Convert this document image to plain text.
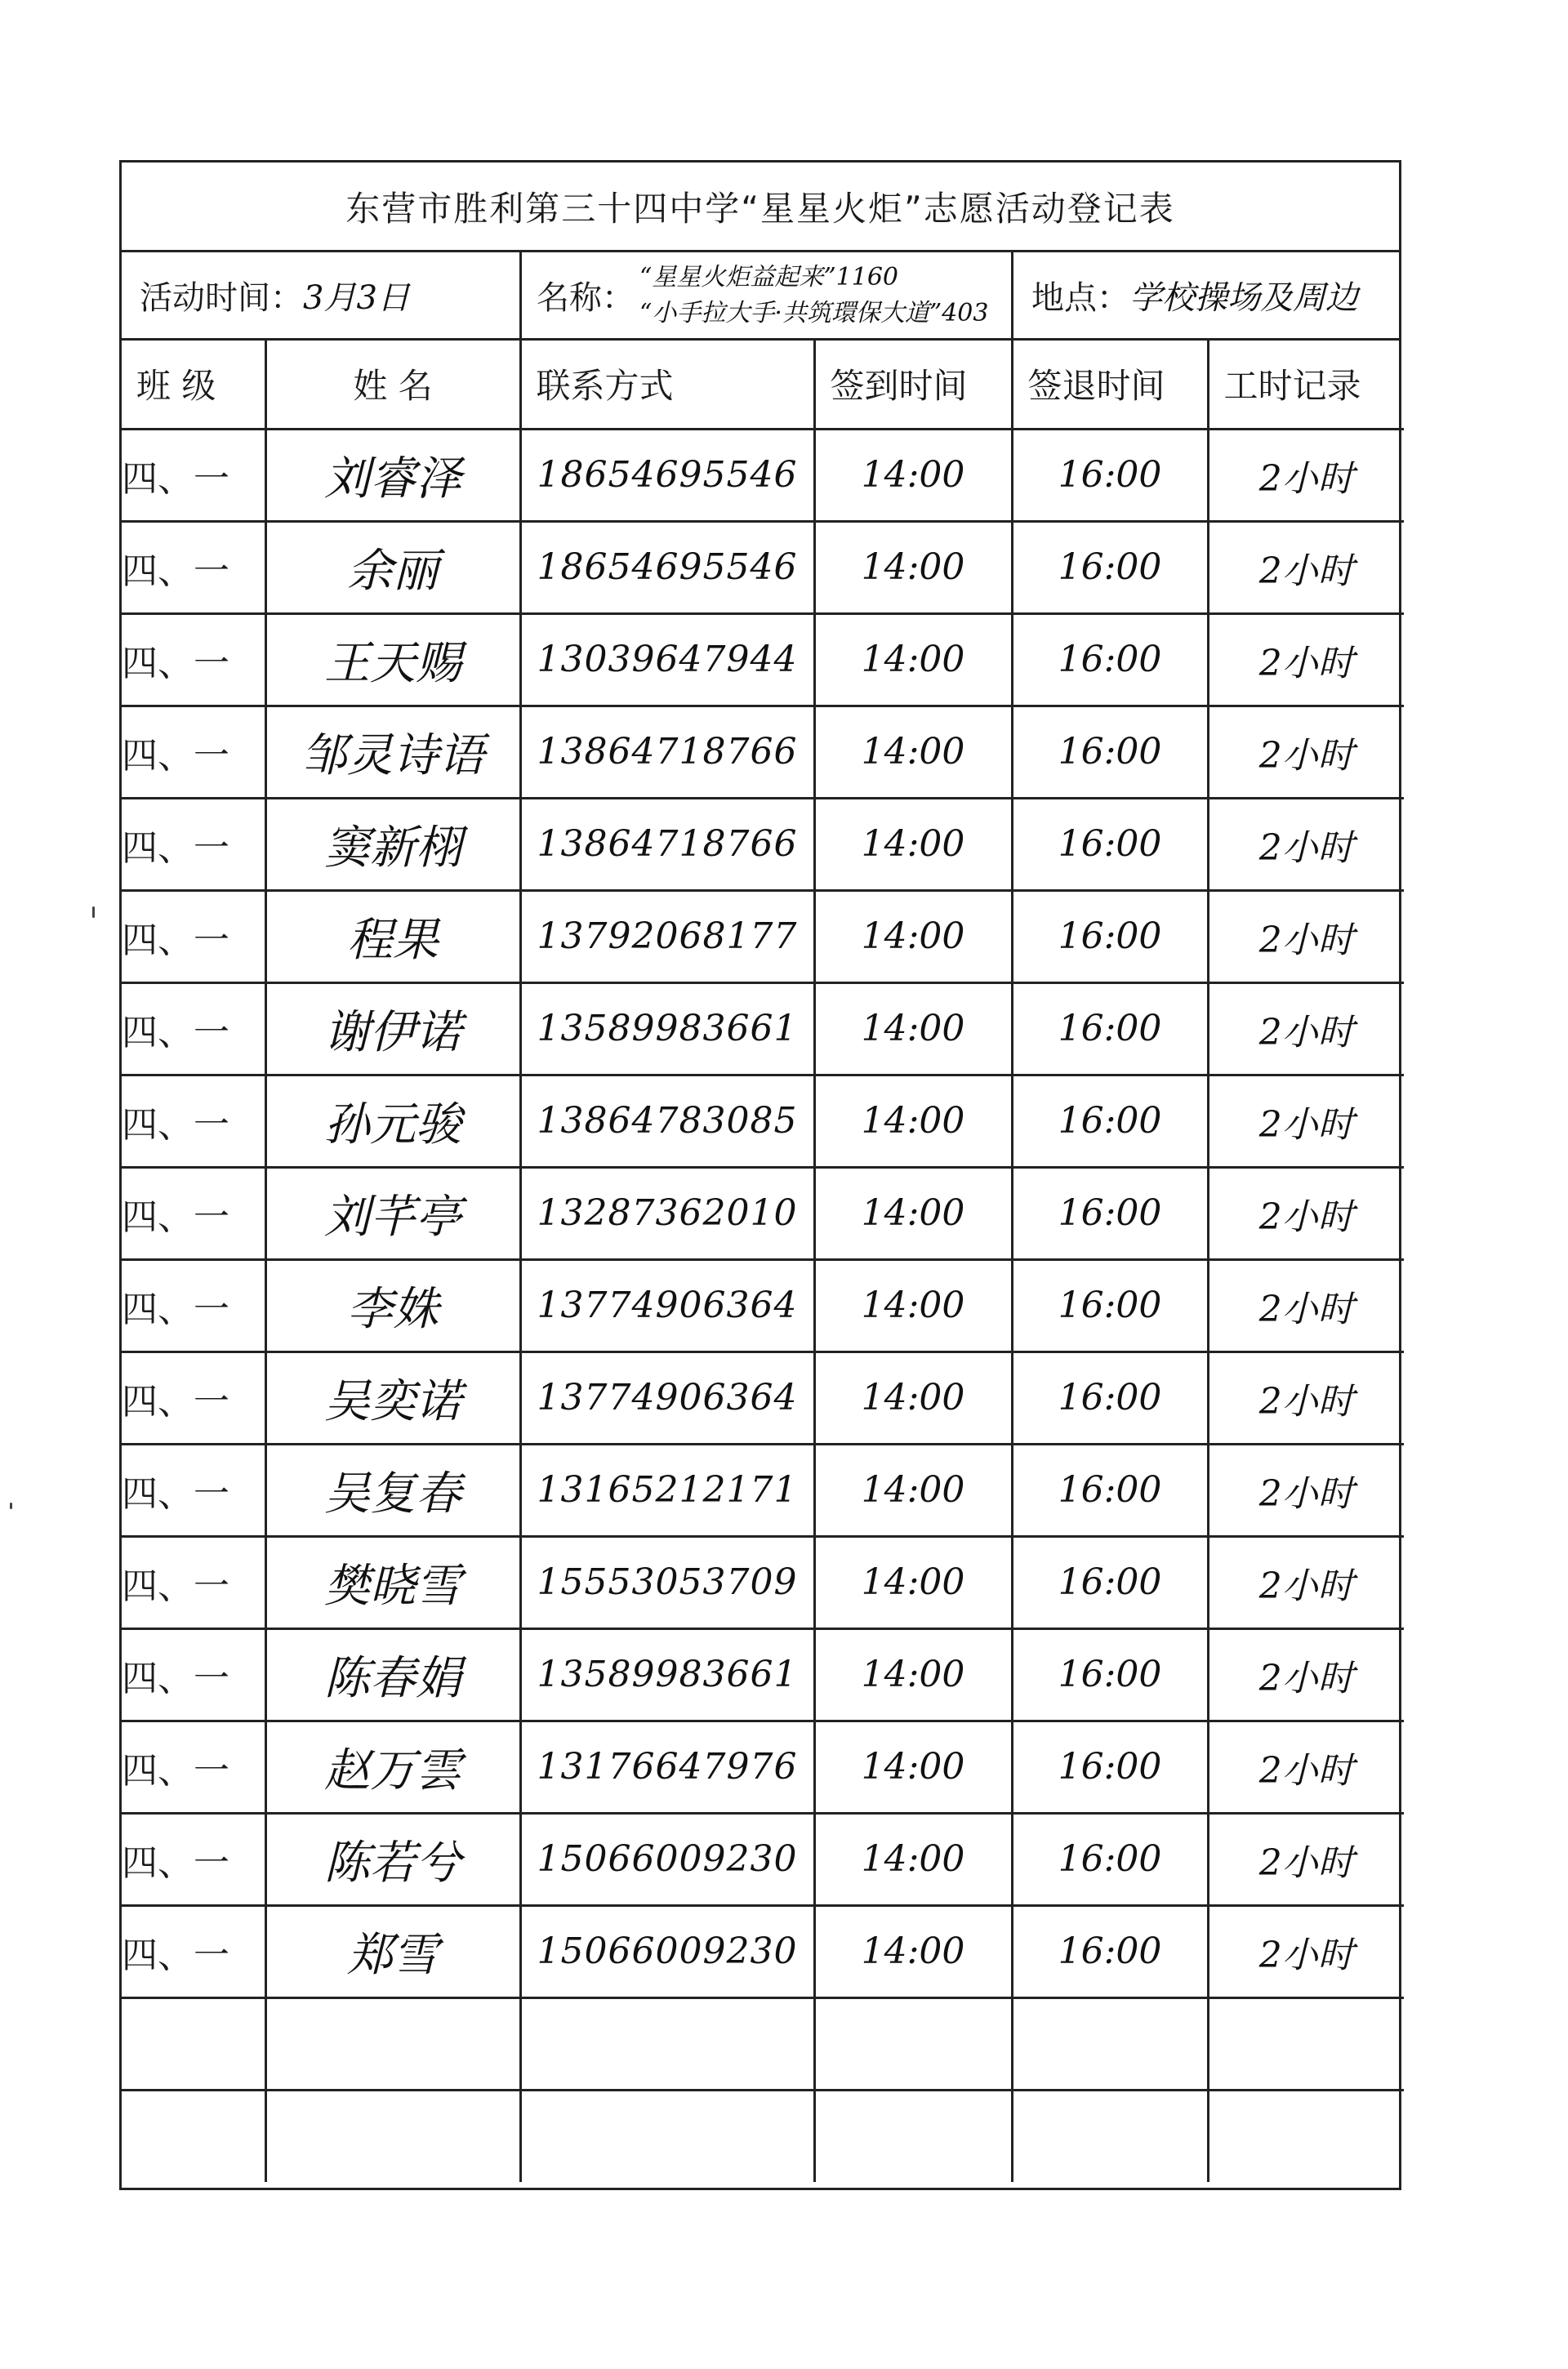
东营市胜利第三十四中学“星星火炬”志愿活动登记表
活动时间： 3月3日	名称：
“星星火炬益起来”1160
“小手拉大手·共筑環保大道”403 地点： 学校操场及周边
班 级	姓 名	联系方式	签到时间	签退时间	工时记录
四、一	刘睿泽	18654695546	14:00	16:00	2小时
四、一	余丽	18654695546	14:00	16:00	2小时
四、一	王天赐	13039647944	14:00	16:00	2小时
四、一	邹灵诗语	13864718766	14:00	16:00	2小时
四、一	窦新栩	13864718766	14:00	16:00	2小时
四、一	程果	13792068177	14:00	16:00	2小时
四、一	谢伊诺	13589983661	14:00	16:00	2小时
四、一	孙元骏	13864783085	14:00	16:00	2小时
四、一	刘芊亭	13287362010	14:00	16:00	2小时
四、一	李姝	13774906364	14:00	16:00	2小时
四、一	吴奕诺	13774906364	14:00	16:00	2小时
四、一	吴复春	13165212171	14:00	16:00	2小时
四、一	樊晓雪	15553053709	14:00	16:00	2小时
四、一	陈春娟	13589983661	14:00	16:00	2小时
四、一	赵万雲	13176647976	14:00	16:00	2小时
四、一	陈若兮	15066009230	14:00	16:00	2小时
四、一	郑雪	15066009230	14:00	16:00	2小时
